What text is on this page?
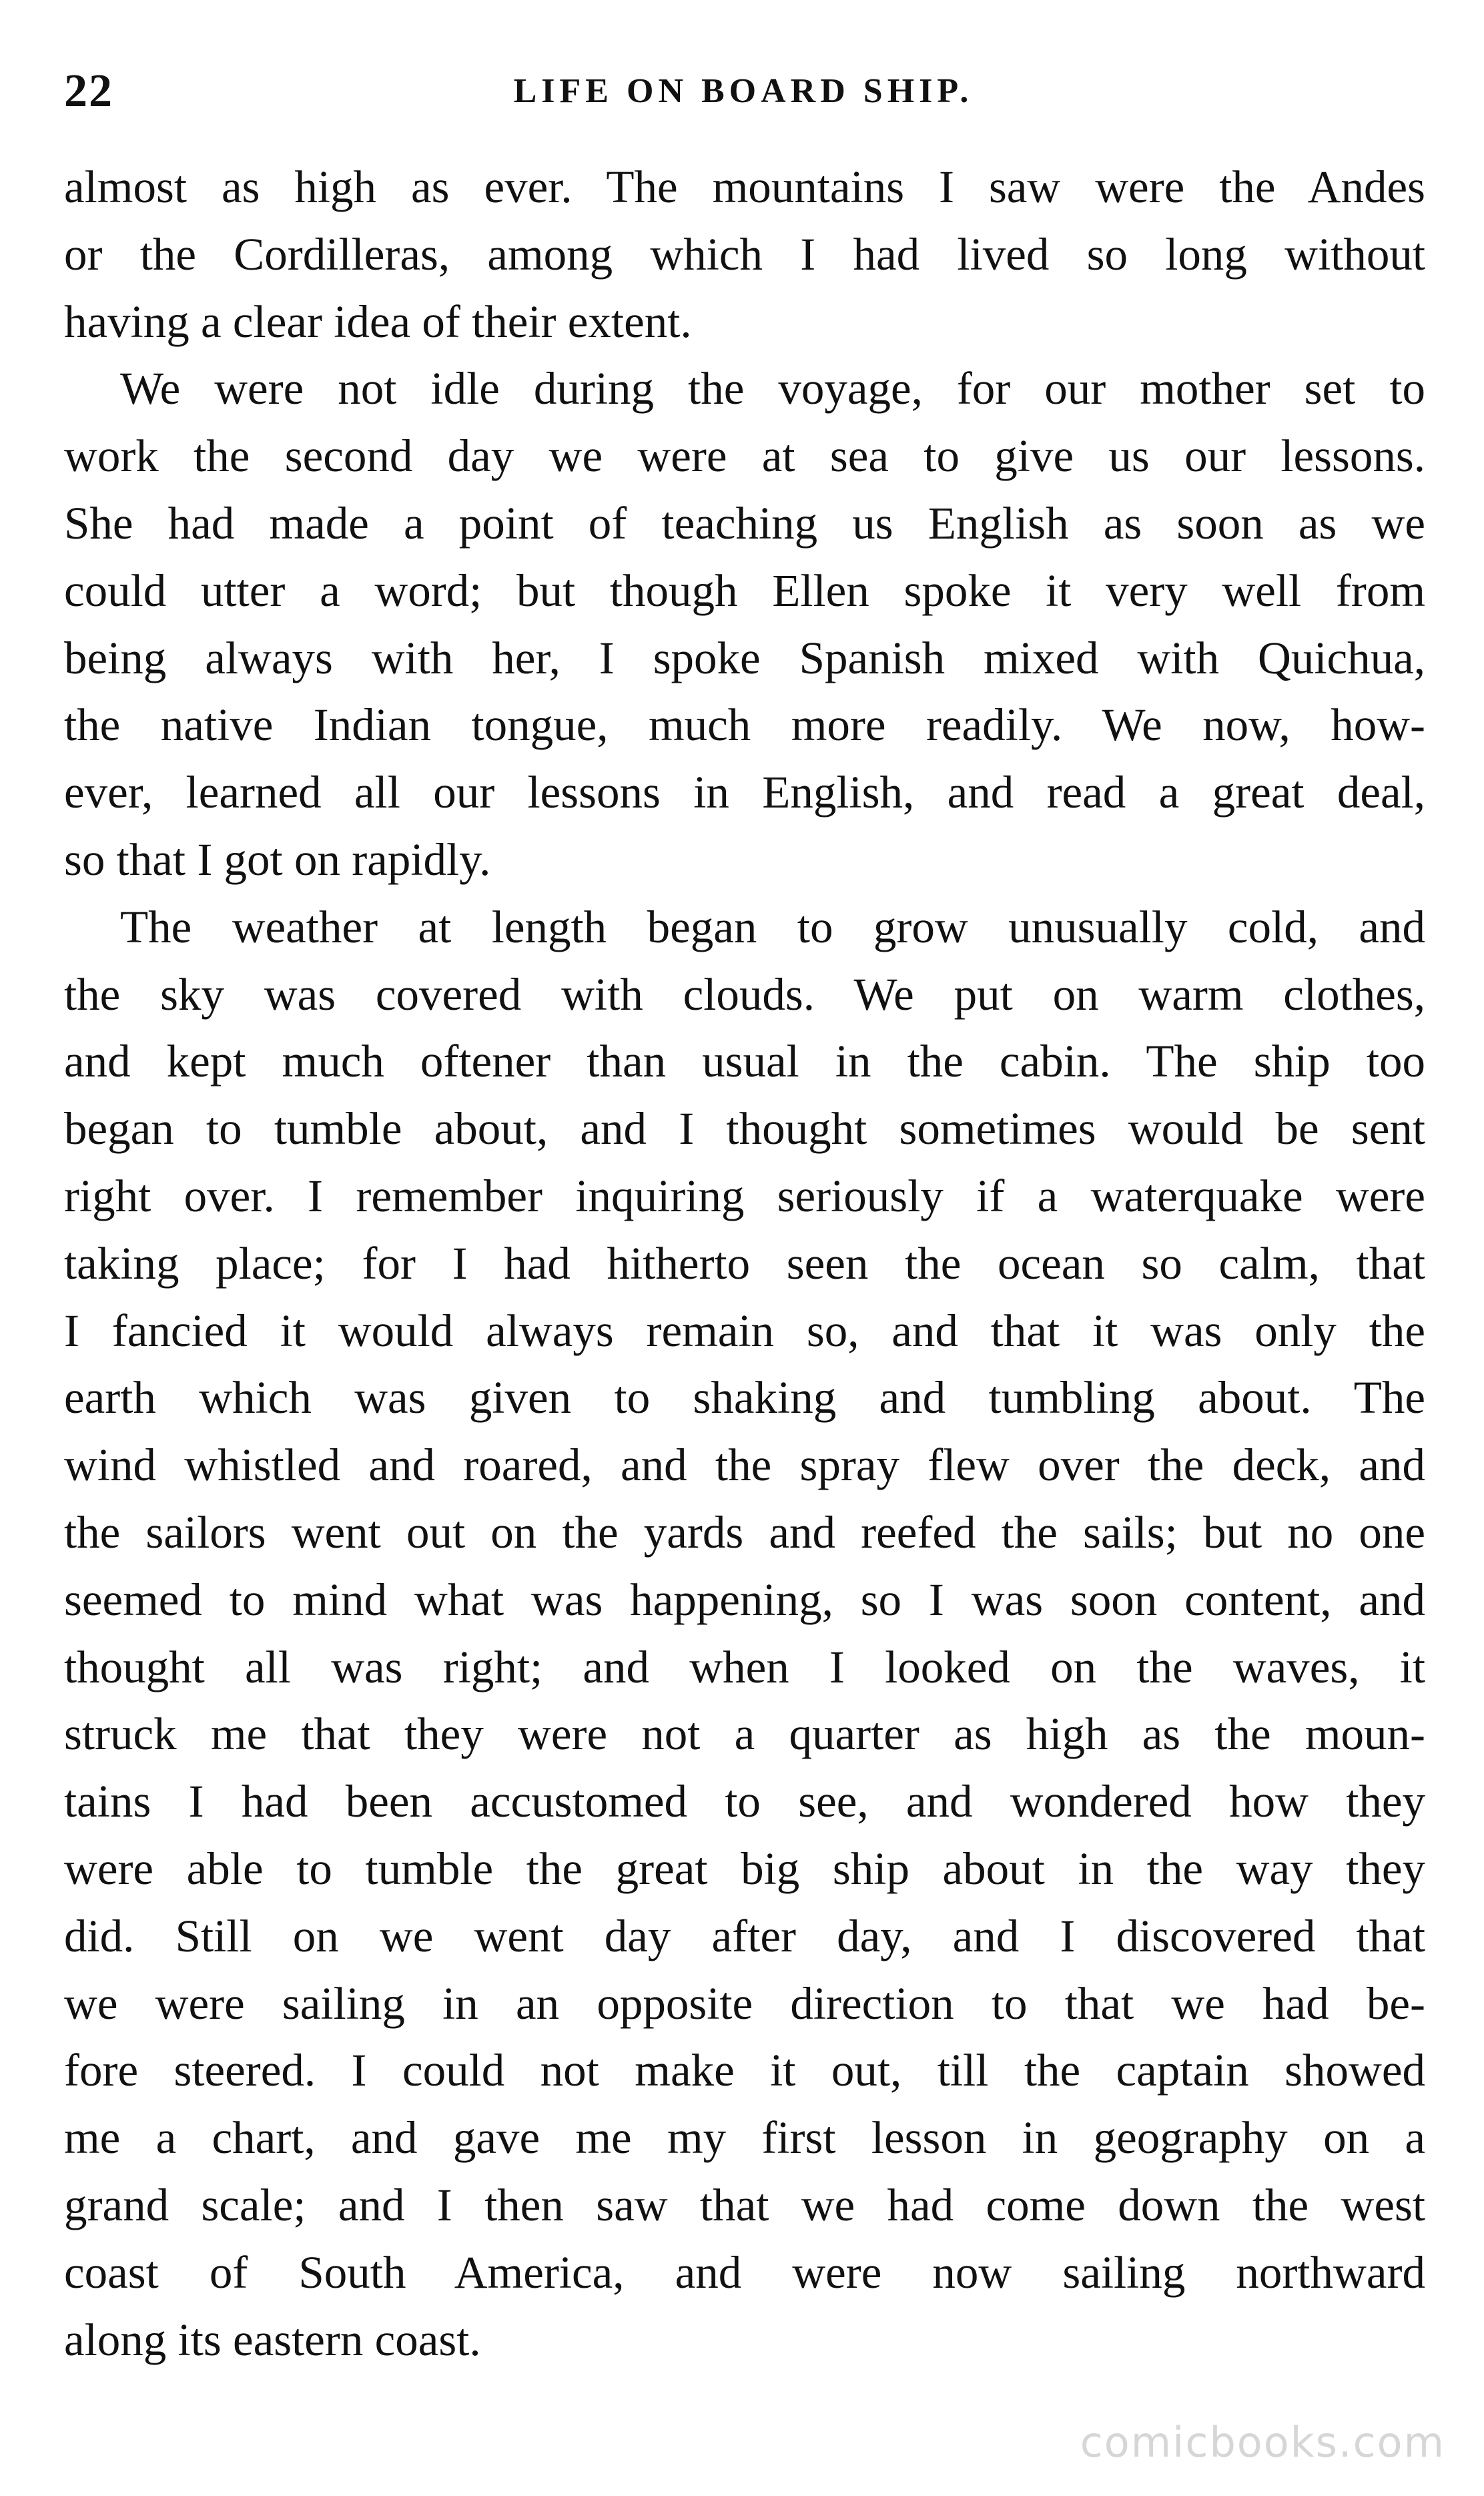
22	LIFE ON BOARD SHIP.

almost as high as ever. The mountains I saw were the Andes

or the Cordilleras, among which I had lived so long without

having a clear idea of their extent.

We were not idle during the voyage, for our mother set to

work the second day we were at sea to give us our lessons.

She had made a point of teaching us English as soon as we

could utter a word; but though Ellen spoke it very well from

being always with her, I spoke Spanish mixed with Quichua,

the native Indian tongue, much more readily. We now, how-

ever, learned all our lessons in English, and read a great deal,

so that I got on rapidly.

The weather at length began to grow unusually cold, and

the sky was covered with clouds. We put on warm clothes,

and kept much oftener than usual in the cabin. The ship too

began to tumble about, and I thought sometimes would be sent

right over. I remember inquiring seriously if a waterquake were

taking place; for I had hitherto seen the ocean so calm, that

I fancied it would always remain so, and that it was only the

earth which was given to shaking and tumbling about. The

wind whistled and roared, and the spray flew over the deck, and

the sailors went out on the yards and reefed the sails; but no one

seemed to mind what was happening, so I was soon content, and

thought all was right; and when I looked on the waves, it

struck me that they were not a quarter as high as the moun-

tains I had been accustomed to see, and wondered how they

were able to tumble the great big ship about in the way they

did. Still on we went day after day, and I discovered that

we were sailing in an opposite direction to that we had be-

fore steered. I could not make it out, till the captain showed

me a chart, and gave me my first lesson in geography on a

grand scale; and I then saw that we had come down the west

coast of South America, and were now sailing northward

along its eastern coast.

comicbooks.com
